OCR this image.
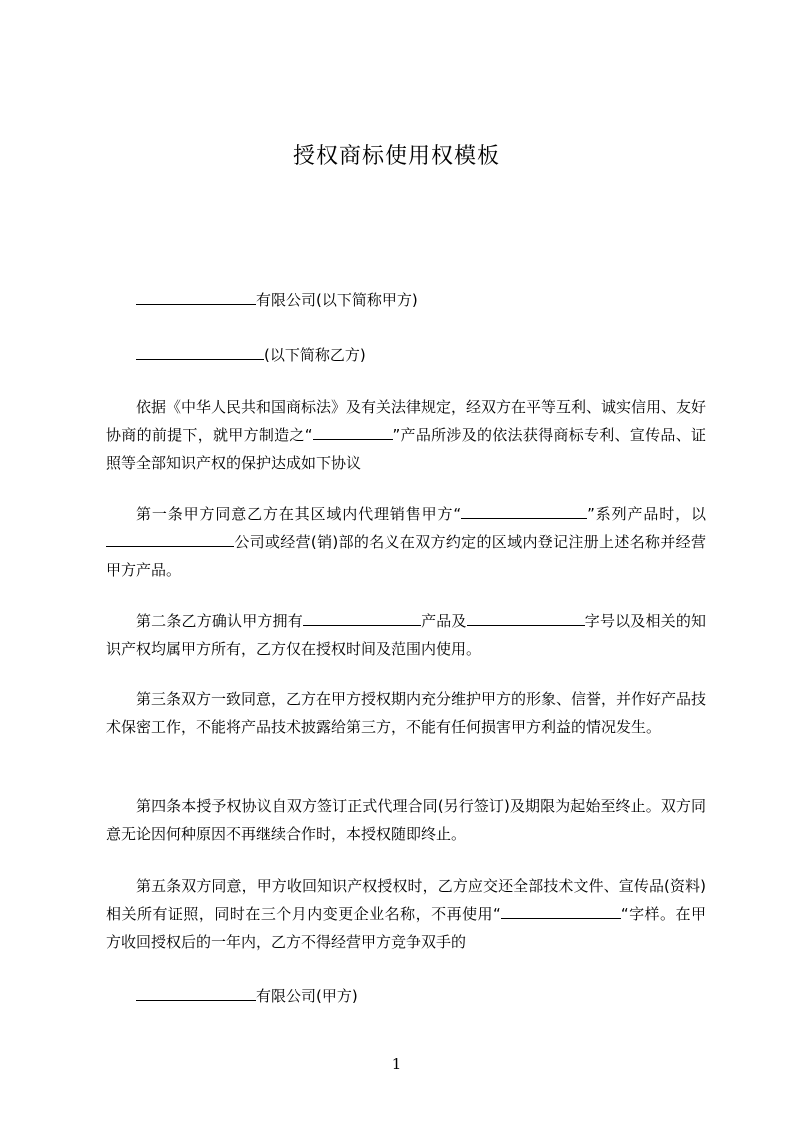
授权商标使用权模板
有限公司(以下简称甲方)
(以下简称乙方)
依据《中华人民共和国商标法》及有关法律规定，经双方在平等互利、诚实信用、友好协商的前提下，就甲方制造之“	”产品所涉及的依法获得商标专利、宣传品、证照等全部知识产权的保护达成如下协议
第一条甲方同意乙方在其区域内代理销售甲方“	”系列产品时，以公司或经营(销)部的名义在双方约定的区域内登记注册上述名称并经营甲方产品。
第二条乙方确认甲方拥有	产品及	字号以及相关的知识产权均属甲方所有，乙方仅在授权时间及范围内使用。
第三条双方一致同意，乙方在甲方授权期内充分维护甲方的形象、信誉，并作好产品技术保密工作，不能将产品技术披露给第三方，不能有任何损害甲方利益的情况发生。
第四条本授予权协议自双方签订正式代理合同(另行签订)及期限为起始至终止。双方同意无论因何种原因不再继续合作时，本授权随即终止。
第五条双方同意，甲方收回知识产权授权时，乙方应交还全部技术文件、宣传品(资料)相关所有证照，同时在三个月内变更企业名称，不再使用“	“字样。在甲方收回授权后的一年内，乙方不得经营甲方竞争双手的
有限公司(甲方)
1
